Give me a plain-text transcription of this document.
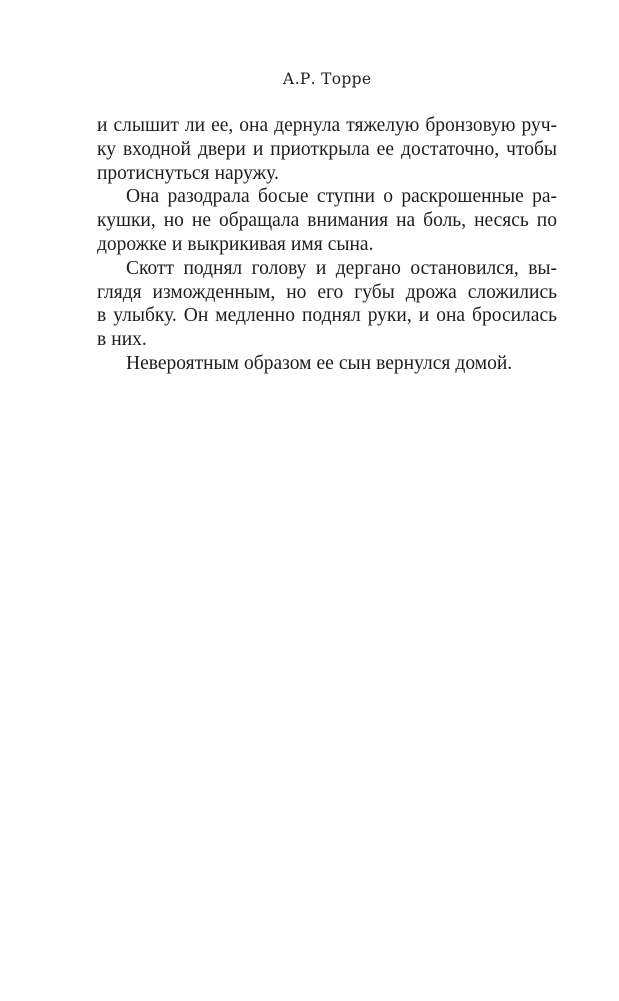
А.Р. Торре
и слышит ли ее, она дернула тяжелую бронзовую руч-
ку входной двери и приоткрыла ее достаточно, чтобы
протиснуться наружу.
Она разодрала босые ступни о раскрошенные ра-
кушки, но не обращала внимания на боль, несясь по
дорожке и выкрикивая имя сына.
Скотт поднял голову и дергано остановился, вы-
глядя изможденным, но его губы дрожа сложились
в улыбку. Он медленно поднял руки, и она бросилась
в них.
Невероятным образом ее сын вернулся домой.
